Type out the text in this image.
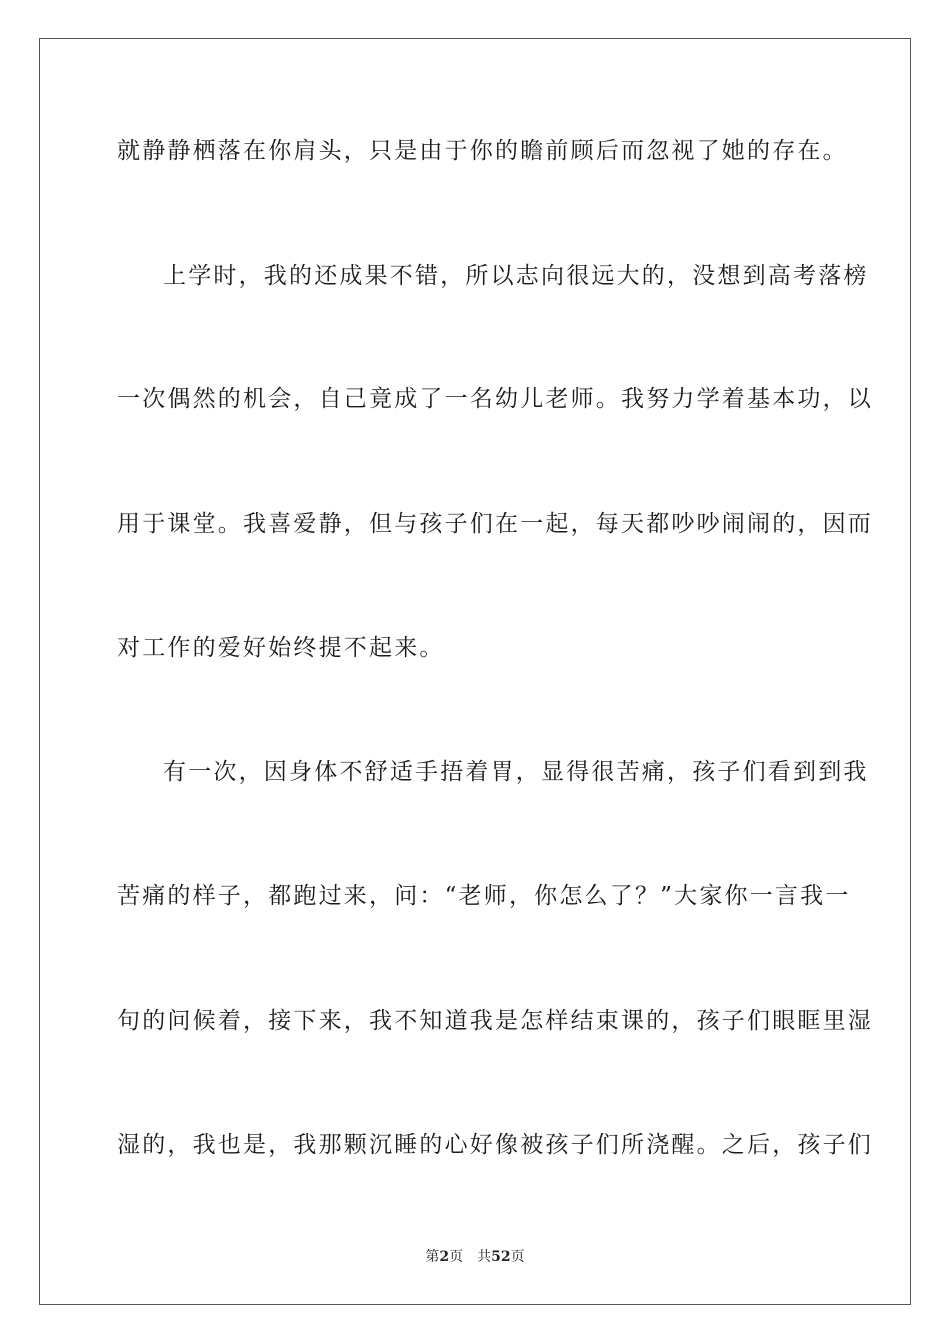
就静静栖落在你肩头，只是由于你的瞻前顾后而忽视了她的存在。

上学时，我的还成果不错，所以志向很远大的，没想到高考落榜

一次偶然的机会，自己竟成了一名幼儿老师。我努力学着基本功，以

用于课堂。我喜爱静，但与孩子们在一起，每天都吵吵闹闹的，因而

对工作的爱好始终提不起来。

有一次，因身体不舒适手捂着胃，显得很苦痛，孩子们看到到我

苦痛的样子，都跑过来，问：“老师，你怎么了？”大家你一言我一

句的问候着，接下来，我不知道我是怎样结束课的，孩子们眼眶里湿

湿的，我也是，我那颗沉睡的心好像被孩子们所浇醒。之后，孩子们

第2页 共52页
